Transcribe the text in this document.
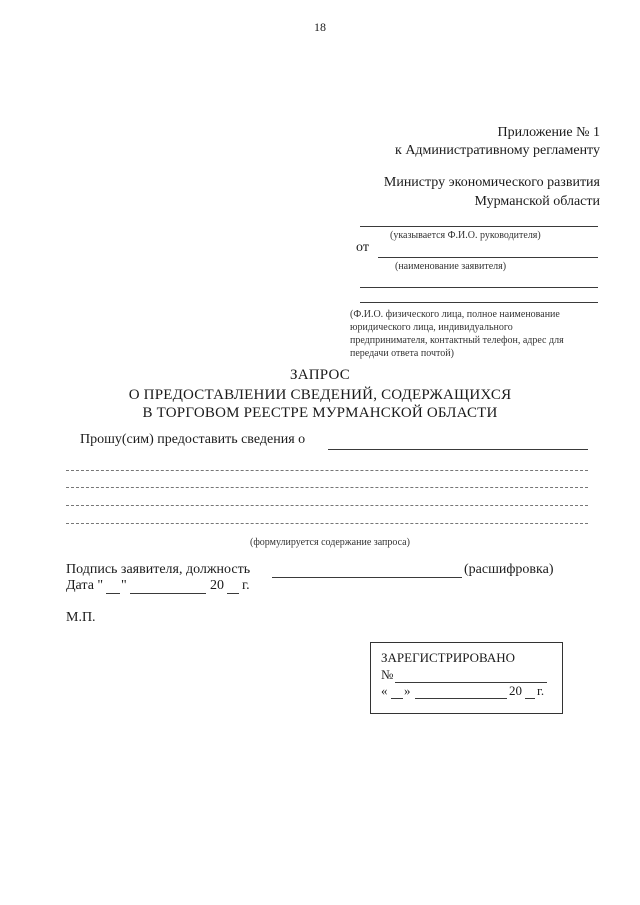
18
Приложение № 1
к Административному регламенту
Министру экономического развития
Мурманской области
(указывается Ф.И.О. руководителя)
от
(наименование заявителя)
(Ф.И.О. физического лица, полное наименование
юридического лица, индивидуального
предпринимателя, контактный телефон, адрес для
передачи ответа почтой)
ЗАПРОС
О ПРЕДОСТАВЛЕНИИ СВЕДЕНИЙ, СОДЕРЖАЩИХСЯ
В ТОРГОВОМ РЕЕСТРЕ МУРМАНСКОЙ ОБЛАСТИ
Прошу(сим) предоставить сведения о
(формулируется содержание запроса)
Подпись заявителя, должность	(расшифровка)
Дата " "	20 г.
М.П.
ЗАРЕГИСТРИРОВАНО
№
« »	20 г.
